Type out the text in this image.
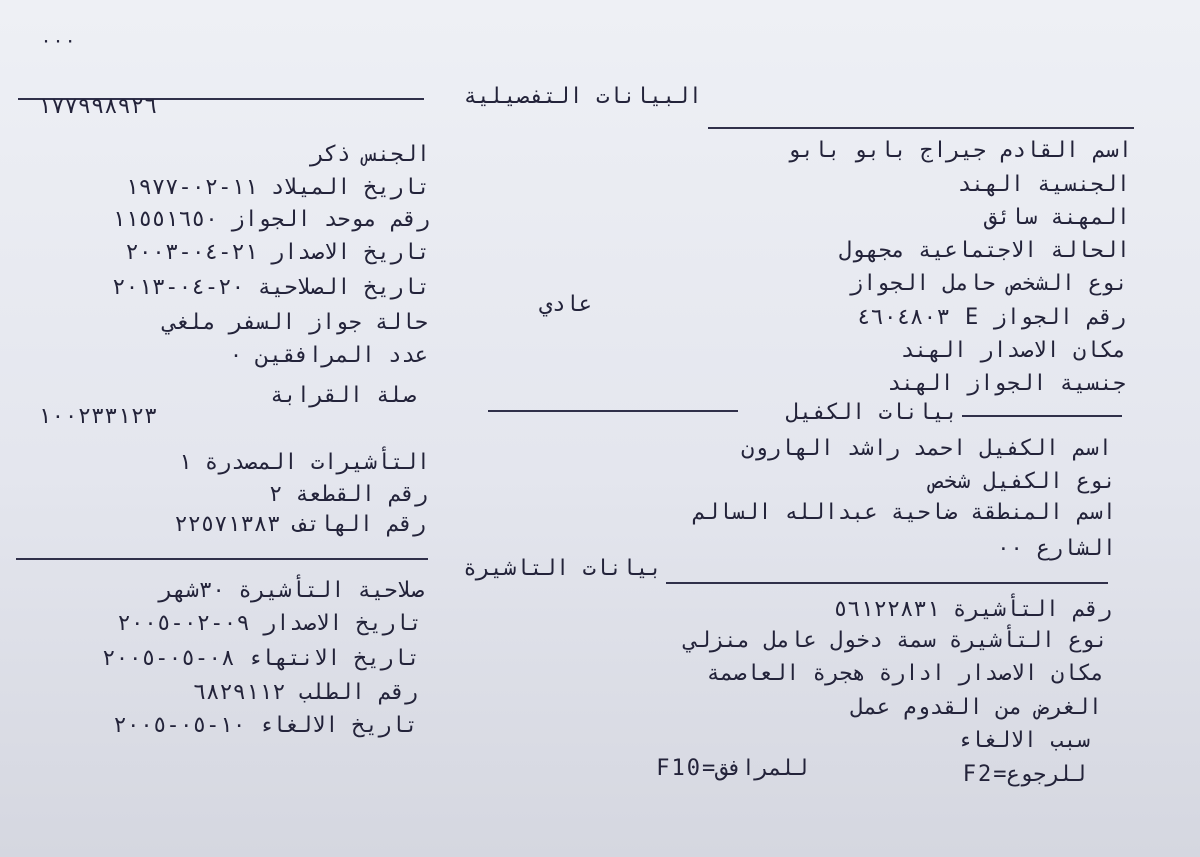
٠٠٠
البيانات التفصيلية
اسم القادم جيراج بابو بابو
الجنسية الهند
المهنة سائق
الحالة الاجتماعية مجهول
نوع الشخص حامل الجواز
رقم الجواز E ٤٦٠٤٨٠٣
مكان الاصدار الهند
جنسية الجواز الهند
١٧٧٩٩٨٩٢٦
الجنس ذكر
تاريخ الميلاد ١١-٠٢-١٩٧٧
رقم موحد الجواز ١١٥٥١٦٥٠
تاريخ الاصدار ٢١-٠٤-٢٠٠٣
تاريخ الصلاحية ٢٠-٠٤-٢٠١٣
حالة جواز السفر ملغي
عدد المرافقين ٠
عادي
صلة القرابة
بيانات الكفيل
١٠٠٢٣٣١٢٣
اسم الكفيل احمد راشد الهارون
نوع الكفيل شخص
اسم المنطقة ضاحية عبدالله السالم
الشارع ٠٠
التأشيرات المصدرة ١
رقم القطعة ٢
رقم الهاتف ٢٢٥٧١٣٨٣
بيانات التاشيرة
رقم التأشيرة ٥٦١٢٢٨٣١
نوع التأشيرة سمة دخول عامل منزلي
مكان الاصدار ادارة هجرة العاصمة
الغرض من القدوم عمل
سبب الالغاء
صلاحية التأشيرة ٣٠شهر
تاريخ الاصدار ٠٩-٠٢-٢٠٠٥
تاريخ الانتهاء ٠٨-٠٥-٢٠٠٥
رقم الطلب ٦٨٢٩١١٢
تاريخ الالغاء ١٠-٠٥-٢٠٠٥
للرجوع=F2
للمرافق=F10
